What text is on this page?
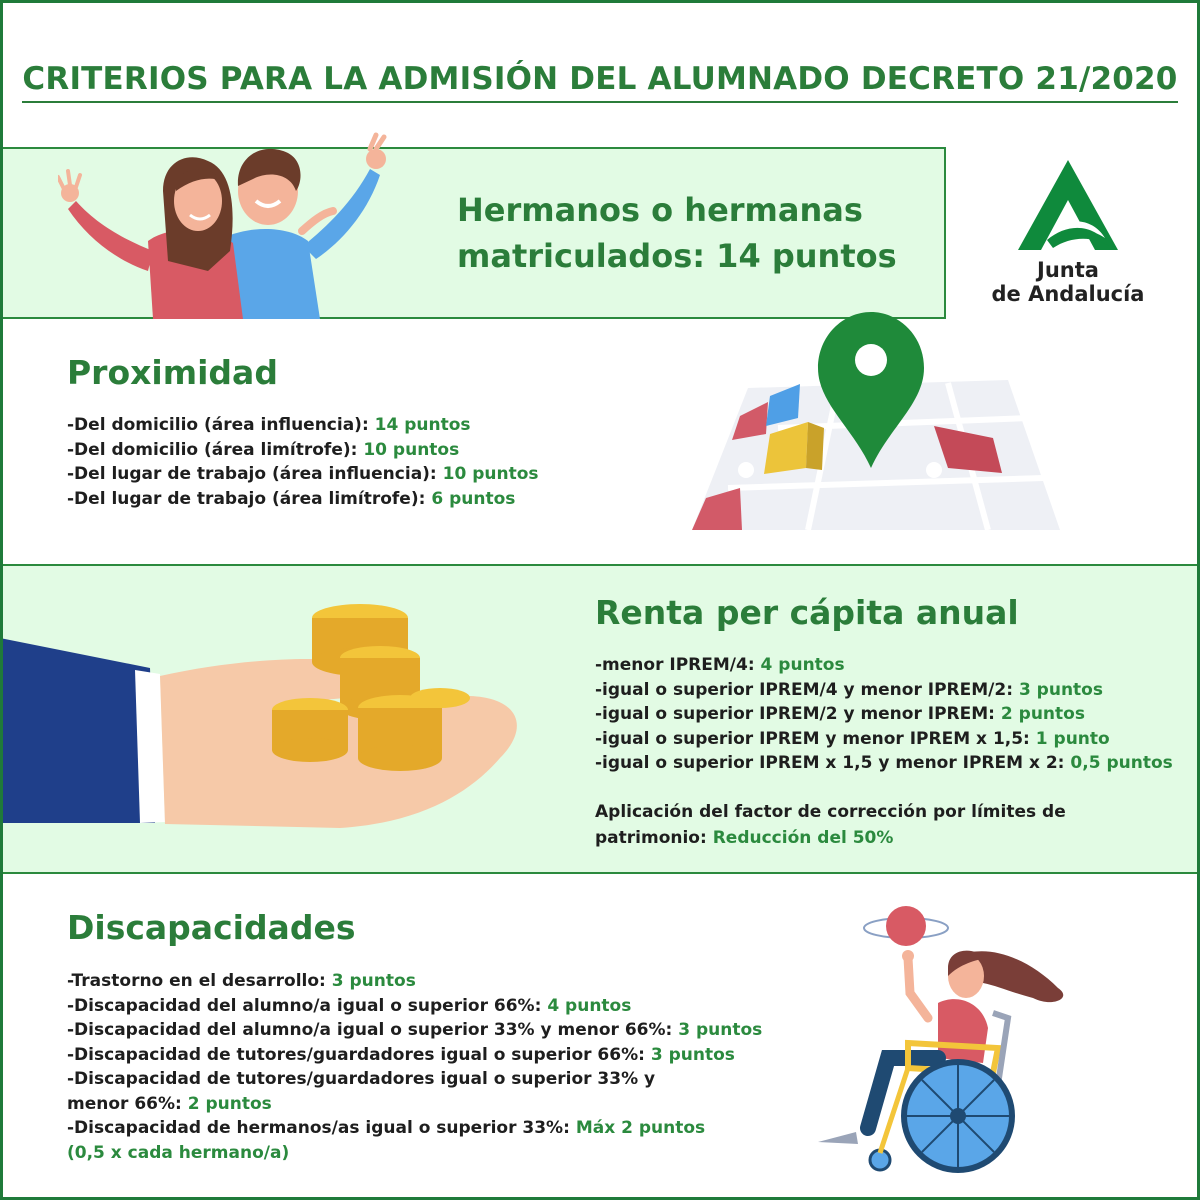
CRITERIOS PARA LA ADMISIÓN DEL ALUMNADO DECRETO 21/2020
Hermanos o hermanas
matriculados: 14 puntos	Junta
de Andalucía
Proximidad
-Del domicilio (área influencia): 14 puntos
-Del domicilio (área limítrofe): 10 puntos
-Del lugar de trabajo (área influencia): 10 puntos
-Del lugar de trabajo (área limítrofe): 6 puntos
Renta per cápita anual
-menor IPREM/4: 4 puntos
-igual o superior IPREM/4 y menor IPREM/2: 3 puntos
-igual o superior IPREM/2 y menor IPREM: 2 puntos
-igual o superior IPREM y menor IPREM x 1,5: 1 punto
-igual o superior IPREM x 1,5 y menor IPREM x 2: 0,5 puntos
Aplicación del factor de corrección por límites de patrimonio: Reducción del 50%
Discapacidades
-Trastorno en el desarrollo: 3 puntos
-Discapacidad del alumno/a igual o superior 66%: 4 puntos
-Discapacidad del alumno/a igual o superior 33% y menor 66%: 3 puntos
-Discapacidad de tutores/guardadores igual o superior 66%: 3 puntos
-Discapacidad de tutores/guardadores igual o superior 33% y
menor 66%: 2 puntos
-Discapacidad de hermanos/as igual o superior 33%: Máx 2 puntos
(0,5 x cada hermano/a)
